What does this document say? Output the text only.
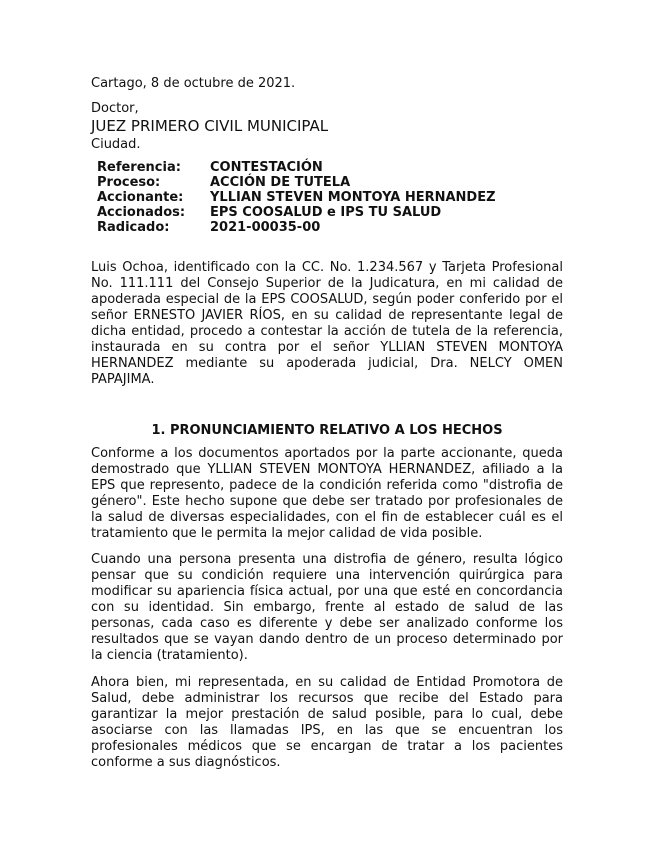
Cartago, 8 de octubre de 2021.
Doctor,
JUEZ PRIMERO CIVIL MUNICIPAL
Ciudad.
Referencia:	CONTESTACIÓN
Proceso:	ACCIÓN DE TUTELA
Accionante:	YLLIAN STEVEN MONTOYA HERNANDEZ
Accionados:	EPS COOSALUD e IPS TU SALUD
Radicado:	2021-00035-00

Luis Ochoa, identificado con la CC. No. 1.234.567 y Tarjeta Profesional No. 111.111 del Consejo Superior de la Judicatura, en mi calidad de apoderada especial de la EPS COOSALUD, según poder conferido por el señor ERNESTO JAVIER RÍOS, en su calidad de representante legal de dicha entidad, procedo a contestar la acción de tutela de la referencia, instaurada en su contra por el señor YLLIAN STEVEN MONTOYA HERNANDEZ mediante su apoderada judicial, Dra. NELCY OMEN PAPAJIMA.

1. PRONUNCIAMIENTO RELATIVO A LOS HECHOS

Conforme a los documentos aportados por la parte accionante, queda demostrado que YLLIAN STEVEN MONTOYA HERNANDEZ, afiliado a la EPS que represento, padece de la condición referida como "distrofia de género". Este hecho supone que debe ser tratado por profesionales de la salud de diversas especialidades, con el fin de establecer cuál es el tratamiento que le permita la mejor calidad de vida posible.

Cuando una persona presenta una distrofia de género, resulta lógico pensar que su condición requiere una intervención quirúrgica para modificar su apariencia física actual, por una que esté en concordancia con su identidad. Sin embargo, frente al estado de salud de las personas, cada caso es diferente y debe ser analizado conforme los resultados que se vayan dando dentro de un proceso determinado por la ciencia (tratamiento).

Ahora bien, mi representada, en su calidad de Entidad Promotora de Salud, debe administrar los recursos que recibe del Estado para garantizar la mejor prestación de salud posible, para lo cual, debe asociarse con las llamadas IPS, en las que se encuentran los profesionales médicos que se encargan de tratar a los pacientes conforme a sus diagnósticos.
